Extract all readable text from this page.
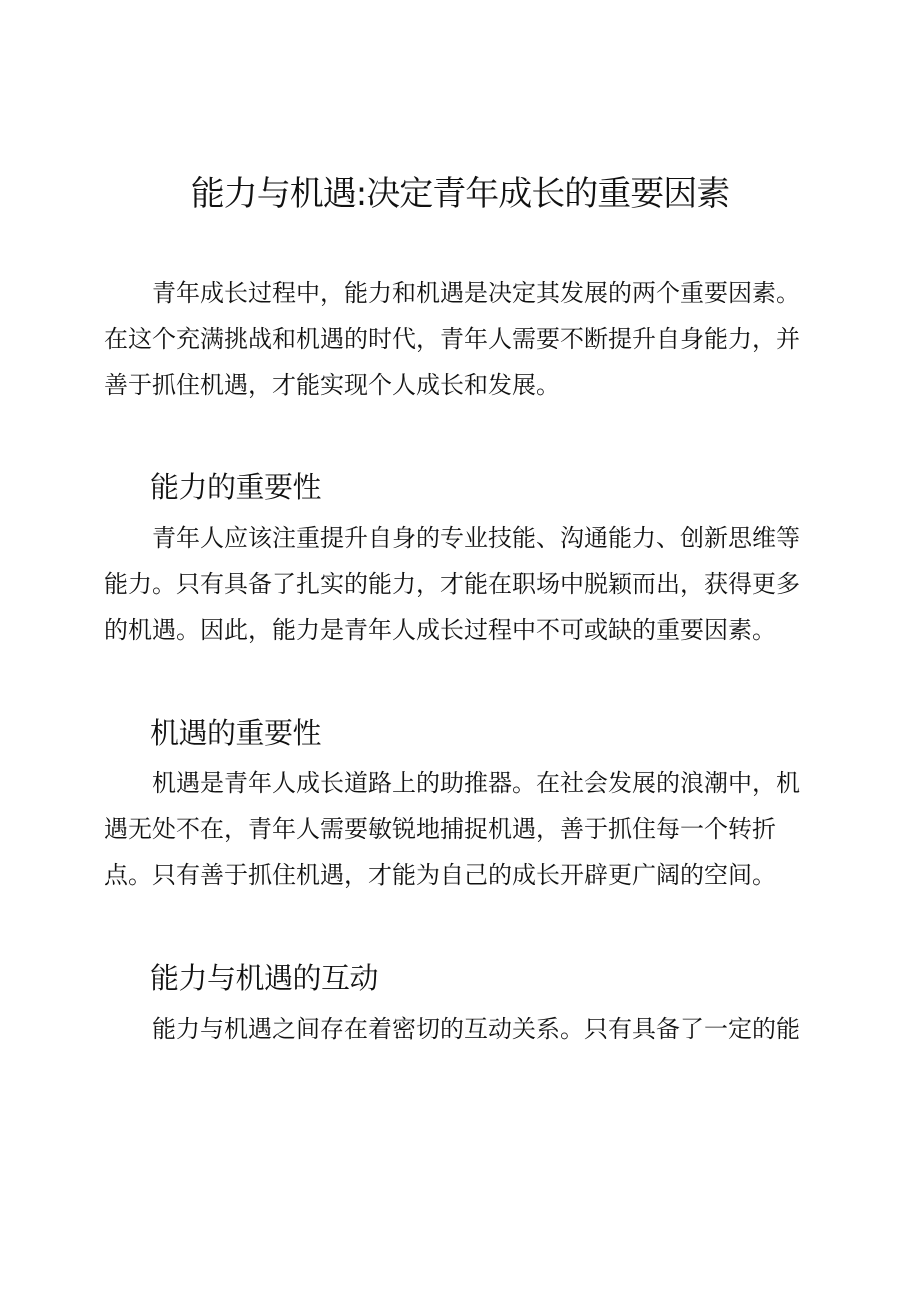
能力与机遇:决定青年成长的重要因素

青年成长过程中，能力和机遇是决定其发展的两个重要因素。在这个充满挑战和机遇的时代，青年人需要不断提升自身能力，并善于抓住机遇，才能实现个人成长和发展。

能力的重要性

青年人应该注重提升自身的专业技能、沟通能力、创新思维等能力。只有具备了扎实的能力，才能在职场中脱颖而出，获得更多的机遇。因此，能力是青年人成长过程中不可或缺的重要因素。

机遇的重要性

机遇是青年人成长道路上的助推器。在社会发展的浪潮中，机遇无处不在，青年人需要敏锐地捕捉机遇，善于抓住每一个转折点。只有善于抓住机遇，才能为自己的成长开辟更广阔的空间。

能力与机遇的互动

能力与机遇之间存在着密切的互动关系。只有具备了一定的能
